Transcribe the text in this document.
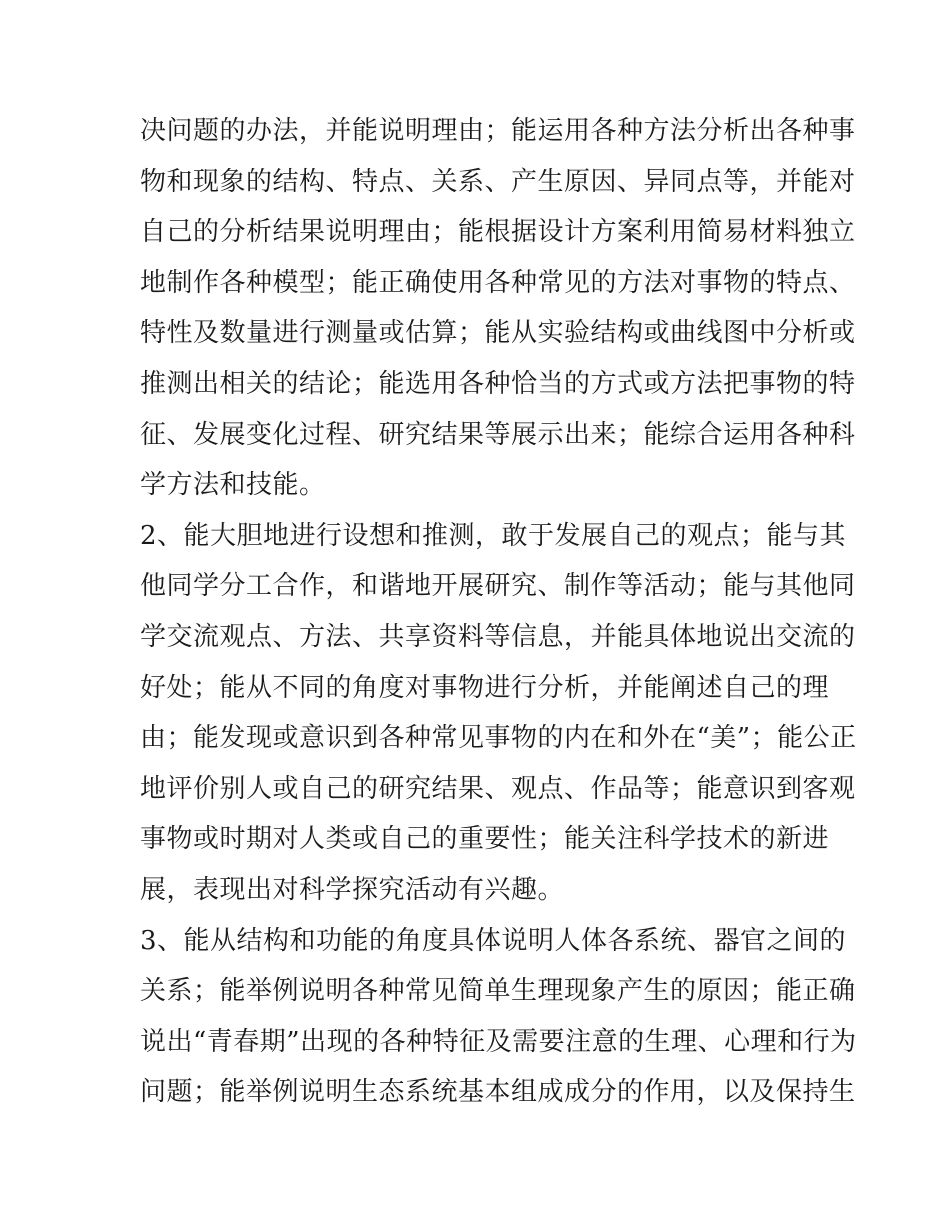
决问题的办法，并能说明理由；能运用各种方法分析出各种事
物和现象的结构、特点、关系、产生原因、异同点等，并能对
自己的分析结果说明理由；能根据设计方案利用简易材料独立
地制作各种模型；能正确使用各种常见的方法对事物的特点、
特性及数量进行测量或估算；能从实验结构或曲线图中分析或
推测出相关的结论；能选用各种恰当的方式或方法把事物的特
征、发展变化过程、研究结果等展示出来；能综合运用各种科
学方法和技能。
2、能大胆地进行设想和推测，敢于发展自己的观点；能与其
他同学分工合作，和谐地开展研究、制作等活动；能与其他同
学交流观点、方法、共享资料等信息，并能具体地说出交流的
好处；能从不同的角度对事物进行分析，并能阐述自己的理
由；能发现或意识到各种常见事物的内在和外在“美”；能公正
地评价别人或自己的研究结果、观点、作品等；能意识到客观
事物或时期对人类或自己的重要性；能关注科学技术的新进
展，表现出对科学探究活动有兴趣。
3、能从结构和功能的角度具体说明人体各系统、器官之间的
关系；能举例说明各种常见简单生理现象产生的原因；能正确
说出“青春期”出现的各种特征及需要注意的生理、心理和行为
问题；能举例说明生态系统基本组成成分的作用，以及保持生
